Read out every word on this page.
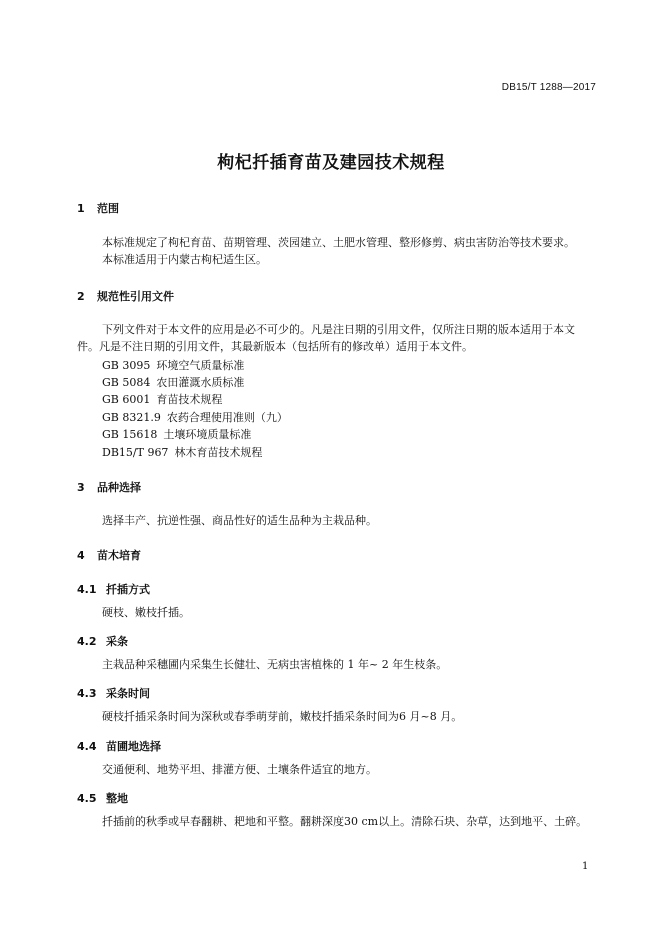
DB15/T 1288—2017
枸杞扦插育苗及建园技术规程
1 范围
本标准规定了枸杞育苗、苗期管理、茨园建立、土肥水管理、整形修剪、病虫害防治等技术要求。
本标准适用于内蒙古枸杞适生区。
2 规范性引用文件
下列文件对于本文件的应用是必不可少的。凡是注日期的引用文件，仅所注日期的版本适用于本文
件。凡是不注日期的引用文件，其最新版本（包括所有的修改单）适用于本文件。
GB 3095 环境空气质量标准
GB 5084 农田灌溉水质标准
GB 6001 育苗技术规程
GB 8321.9 农药合理使用准则（九）
GB 15618 土壤环境质量标准
DB15/T 967 林木育苗技术规程
3 品种选择
选择丰产、抗逆性强、商品性好的适生品种为主栽品种。
4 苗木培育
4.1 扦插方式
硬枝、嫩枝扦插。
4.2 采条
主栽品种采穗圃内采集生长健壮、无病虫害植株的 1 年~ 2 年生枝条。
4.3 采条时间
硬枝扦插采条时间为深秋或春季萌芽前，嫩枝扦插采条时间为6 月~8 月。
4.4 苗圃地选择
交通便利、地势平坦、排灌方便、土壤条件适宜的地方。
4.5 整地
扦插前的秋季或早春翻耕、耙地和平整。翻耕深度30 cm以上。清除石块、杂草，达到地平、土碎。
1
